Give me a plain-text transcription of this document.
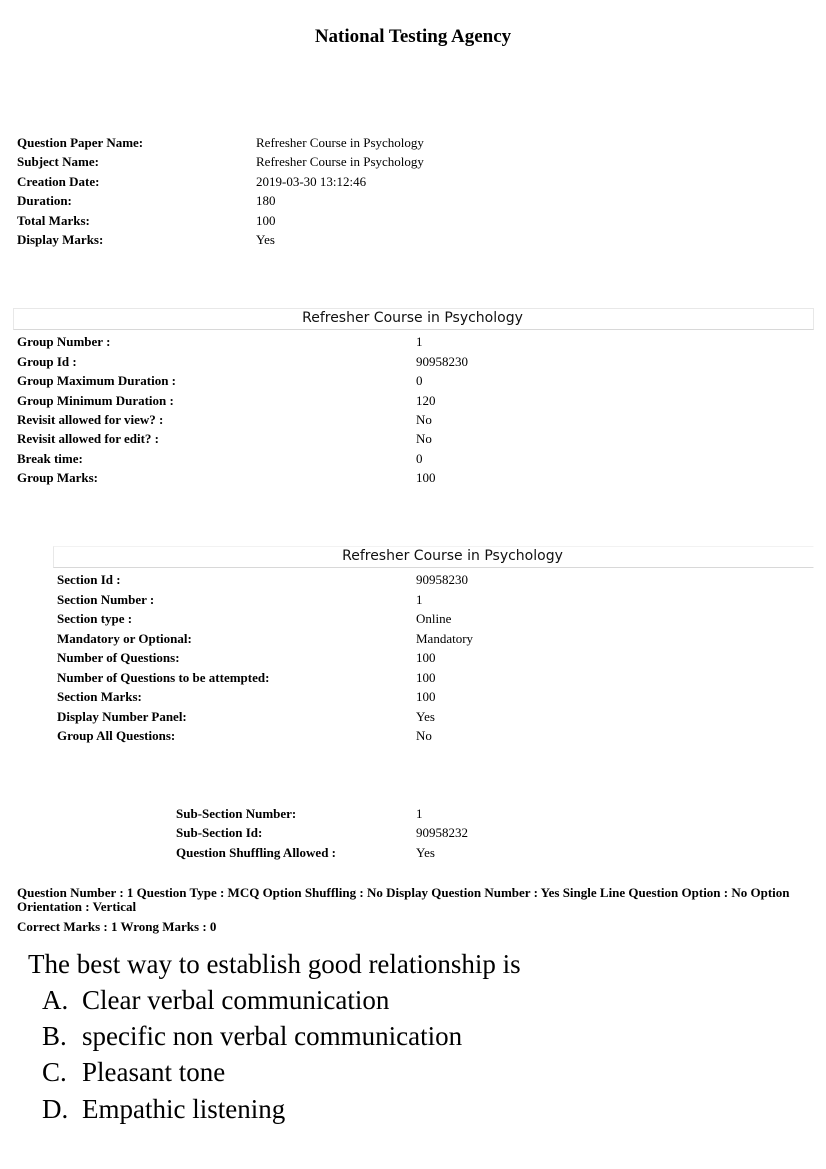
National Testing Agency
Question Paper Name:	Refresher Course in Psychology
Subject Name:	Refresher Course in Psychology
Creation Date:	2019-03-30 13:12:46
Duration:	180
Total Marks:	100
Display Marks:	Yes
Refresher Course in Psychology
Group Number :	1
Group Id :	90958230
Group Maximum Duration :	0
Group Minimum Duration :	120
Revisit allowed for view? :	No
Revisit allowed for edit? :	No
Break time:	0
Group Marks:	100
Refresher Course in Psychology
Section Id :	90958230
Section Number :	1
Section type :	Online
Mandatory or Optional:	Mandatory
Number of Questions:	100
Number of Questions to be attempted:	100
Section Marks:	100
Display Number Panel:	Yes
Group All Questions:	No
Sub-Section Number:	1
Sub-Section Id:	90958232
Question Shuffling Allowed :	Yes
Question Number : 1 Question Type : MCQ Option Shuffling : No Display Question Number : Yes Single Line Question Option : No Option Orientation : Vertical
Correct Marks : 1 Wrong Marks : 0
The best way to establish good relationship is
A. Clear verbal communication
B. specific non verbal communication
C. Pleasant tone
D. Empathic listening
